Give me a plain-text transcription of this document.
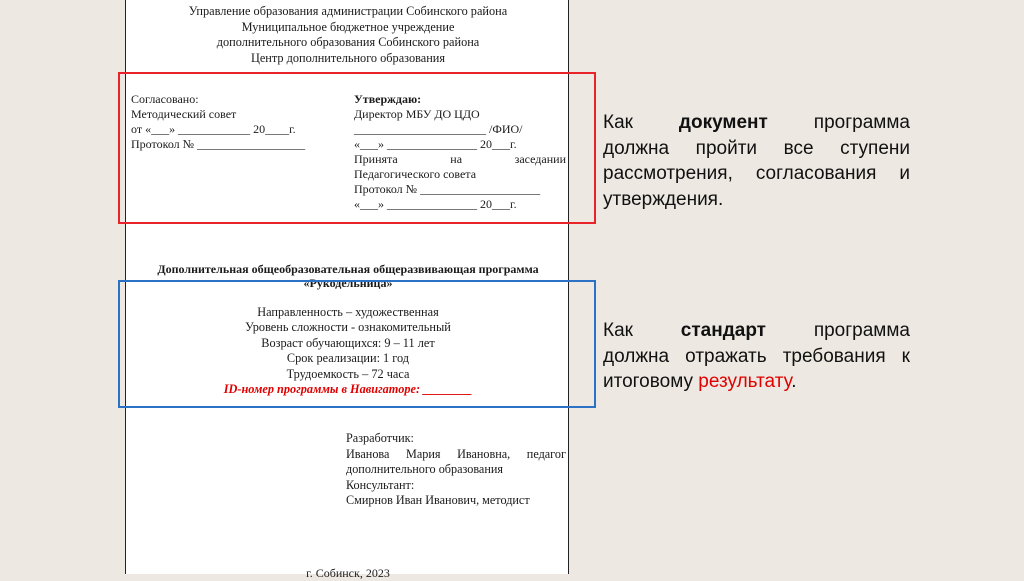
Управление образования администрации Собинского района
Муниципальное бюджетное учреждение
дополнительного образования Собинского района
Центр дополнительного образования
Согласовано:
Методический совет
от «___» ____________ 20____г.
Протокол № __________________
Утверждаю:
Директор МБУ ДО ЦДО
______________________ /ФИО/
«___» _______________ 20___г.
Принята	на	заседании
Педагогического совета
Протокол № ____________________
«___» _______________ 20___г.
Дополнительная общеобразовательная общеразвивающая программа
«Рукодельница»
Направленность – художественная
Уровень сложности - ознакомительный
Возраст обучающихся: 9 – 11 лет
Срок реализации: 1 год
Трудоемкость – 72 часа
ID-номер программы в Навигаторе: ________
Разработчик:
Иванова Мария Ивановна, педагог
дополнительного образования
Консультант:
Смирнов Иван Иванович, методист
г. Собинск, 2023
Как документ программа
должна пройти все ступени рассмотрения, согласования и утверждения.
Как	стандарт	программа
должна отражать требования к итоговому результату.
